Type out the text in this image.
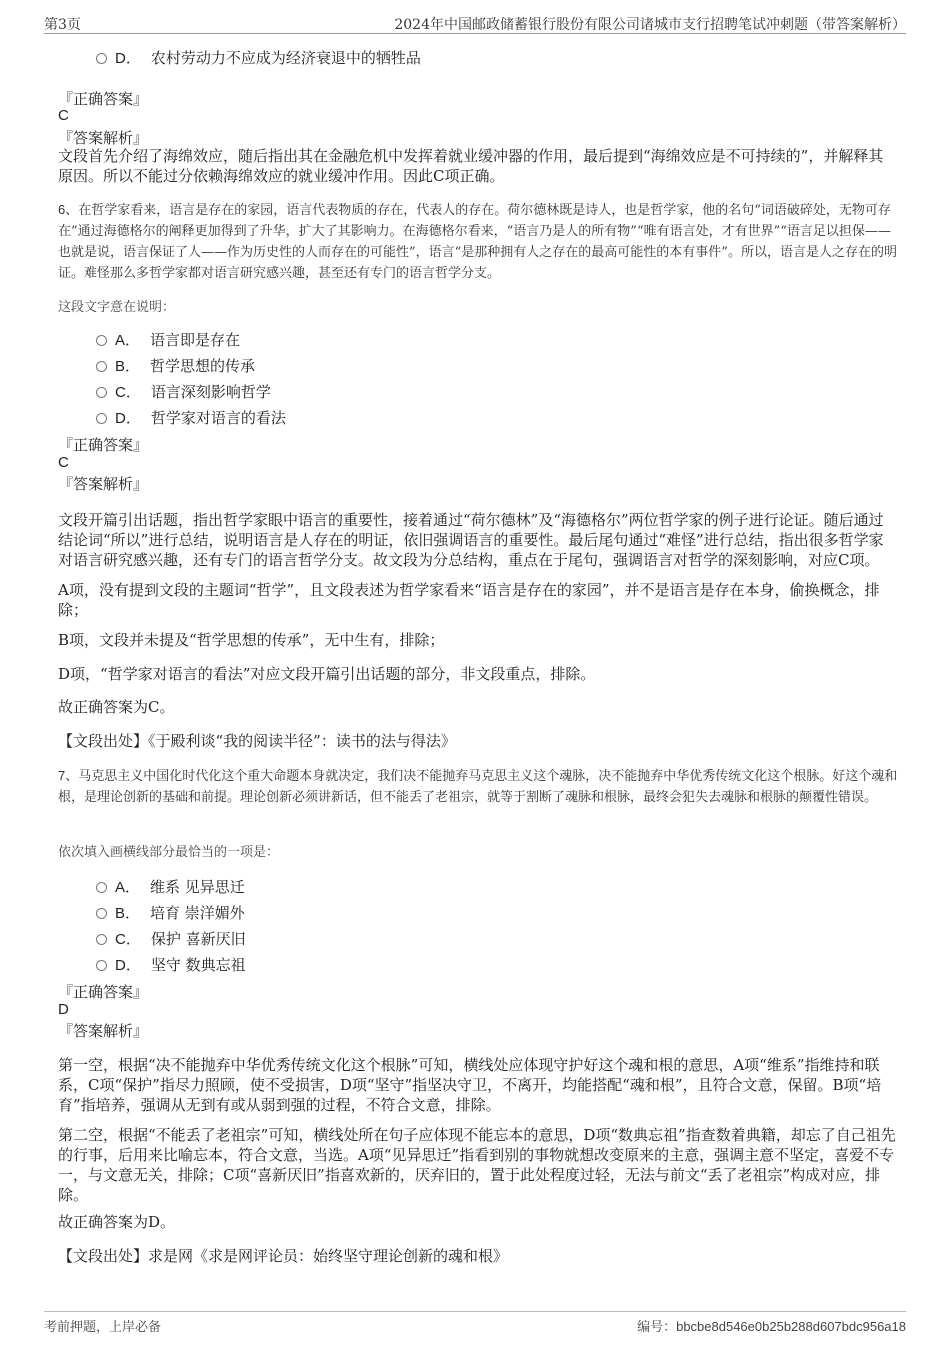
第3页	2024年中国邮政储蓄银行股份有限公司诸城市支行招聘笔试冲刺题（带答案解析）
D． 农村劳动力不应成为经济衰退中的牺牲品
『正确答案』
C
『答案解析』
文段首先介绍了海绵效应，随后指出其在金融危机中发挥着就业缓冲器的作用，最后提到“海绵效应是不可持续的”，并解释其原因。所以不能过分依赖海绵效应的就业缓冲作用。因此C项正确。
6、在哲学家看来，语言是存在的家园，语言代表物质的存在，代表人的存在。荷尔德林既是诗人，也是哲学家，他的名句“词语破碎处，无物可存在”通过海德格尔的阐释更加得到了升华，扩大了其影响力。在海德格尔看来，“语言乃是人的所有物”“唯有语言处，才有世界”“语言足以担保——也就是说，语言保证了人——作为历史性的人而存在的可能性”，语言“是那种拥有人之存在的最高可能性的本有事件”。所以，语言是人之存在的明证。难怪那么多哲学家都对语言研究感兴趣，甚至还有专门的语言哲学分支。
这段文字意在说明：
A． 语言即是存在
B． 哲学思想的传承
C． 语言深刻影响哲学
D． 哲学家对语言的看法
『正确答案』
C
『答案解析』
文段开篇引出话题，指出哲学家眼中语言的重要性，接着通过“荷尔德林”及“海德格尔”两位哲学家的例子进行论证。随后通过结论词“所以”进行总结，说明语言是人存在的明证，依旧强调语言的重要性。最后尾句通过“难怪”进行总结，指出很多哲学家对语言研究感兴趣，还有专门的语言哲学分支。故文段为分总结构，重点在于尾句，强调语言对哲学的深刻影响，对应C项。
A项，没有提到文段的主题词“哲学”，且文段表述为哲学家看来“语言是存在的家园”，并不是语言是存在本身，偷换概念，排除；
B项，文段并未提及“哲学思想的传承”，无中生有，排除；
D项，“哲学家对语言的看法”对应文段开篇引出话题的部分，非文段重点，排除。
故正确答案为C。
【文段出处】《于殿利谈“我的阅读半径”：读书的法与得法》
7、马克思主义中国化时代化这个重大命题本身就决定，我们决不能抛弃马克思主义这个魂脉，决不能抛弃中华优秀传统文化这个根脉。好这个魂和根，是理论创新的基础和前提。理论创新必须讲新话，但不能丢了老祖宗，就等于割断了魂脉和根脉，最终会犯失去魂脉和根脉的颠覆性错误。
依次填入画横线部分最恰当的一项是：
A． 维系 见异思迁
B． 培育 崇洋媚外
C． 保护 喜新厌旧
D． 坚守 数典忘祖
『正确答案』
D
『答案解析』
第一空，根据“决不能抛弃中华优秀传统文化这个根脉”可知，横线处应体现守护好这个魂和根的意思，A项“维系”指维持和联系，C项“保护”指尽力照顾，使不受损害，D项“坚守”指坚决守卫，不离开，均能搭配“魂和根”，且符合文意，保留。B项“培育”指培养，强调从无到有或从弱到强的过程，不符合文意，排除。
第二空，根据“不能丢了老祖宗”可知，横线处所在句子应体现不能忘本的意思，D项“数典忘祖”指查数着典籍，却忘了自己祖先的行事，后用来比喻忘本，符合文意，当选。A项“见异思迁”指看到别的事物就想改变原来的主意，强调主意不坚定，喜爱不专一，与文意无关，排除；C项“喜新厌旧”指喜欢新的，厌弃旧的，置于此处程度过轻，无法与前文“丢了老祖宗”构成对应，排除。
故正确答案为D。
【文段出处】求是网《求是网评论员：始终坚守理论创新的魂和根》
考前押题，上岸必备	编号：bbcbe8d546e0b25b288d607bdc956a18
